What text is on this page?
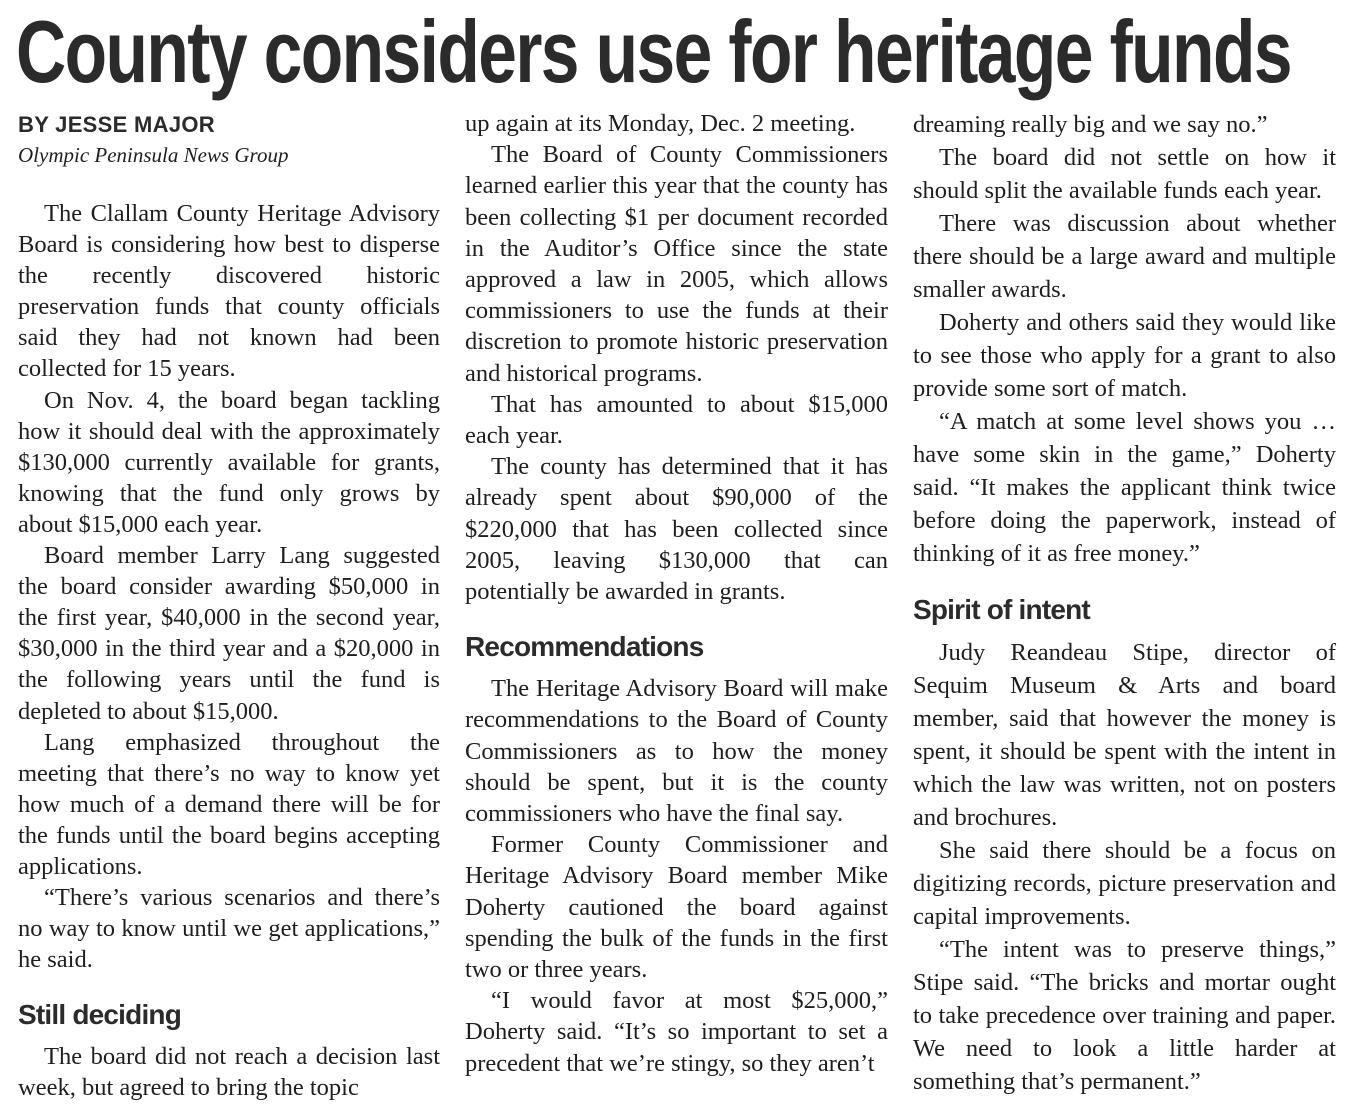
County considers use for heritage funds
BY JESSE MAJOR
Olympic Peninsula News Group

The Clallam County Heritage Advisory Board is considering how best to disperse the recently discovered historic preservation funds that county officials said they had not known had been collected for 15 years.

On Nov. 4, the board began tackling how it should deal with the approximately $130,000 currently available for grants, knowing that the fund only grows by about $15,000 each year.

Board member Larry Lang suggested the board consider awarding $50,000 in the first year, $40,000 in the second year, $30,000 in the third year and a $20,000 in the following years until the fund is depleted to about $15,000.

Lang emphasized throughout the meeting that there’s no way to know yet how much of a demand there will be for the funds until the board begins accepting applications.

“There’s various scenarios and there’s no way to know until we get applications,” he said.

Still deciding

The board did not reach a decision last week, but agreed to bring the topic

up again at its Monday, Dec. 2 meeting.

The Board of County Commissioners learned earlier this year that the county has been collecting $1 per document recorded in the Auditor’s Office since the state approved a law in 2005, which allows commissioners to use the funds at their discretion to promote historic preservation and historical programs.

That has amounted to about $15,000 each year.

The county has determined that it has already spent about $90,000 of the $220,000 that has been collected since 2005, leaving $130,000 that can potentially be awarded in grants.

Recommendations

The Heritage Advisory Board will make recommendations to the Board of County Commissioners as to how the money should be spent, but it is the county commissioners who have the final say.

Former County Commissioner and Heritage Advisory Board member Mike Doherty cautioned the board against spending the bulk of the funds in the first two or three years.

“I would favor at most $25,000,” Doherty said. “It’s so important to set a precedent that we’re stingy, so they aren’t

dreaming really big and we say no.”

The board did not settle on how it should split the available funds each year.

There was discussion about whether there should be a large award and multiple smaller awards.

Doherty and others said they would like to see those who apply for a grant to also provide some sort of match.

“A match at some level shows you … have some skin in the game,” Doherty said. “It makes the applicant think twice before doing the paperwork, instead of thinking of it as free money.”

Spirit of intent

Judy Reandeau Stipe, director of Sequim Museum & Arts and board member, said that however the money is spent, it should be spent with the intent in which the law was written, not on posters and brochures.

She said there should be a focus on digitizing records, picture preservation and capital improvements.

“The intent was to preserve things,” Stipe said. “The bricks and mortar ought to take precedence over training and paper. We need to look a little harder at something that’s permanent.”
